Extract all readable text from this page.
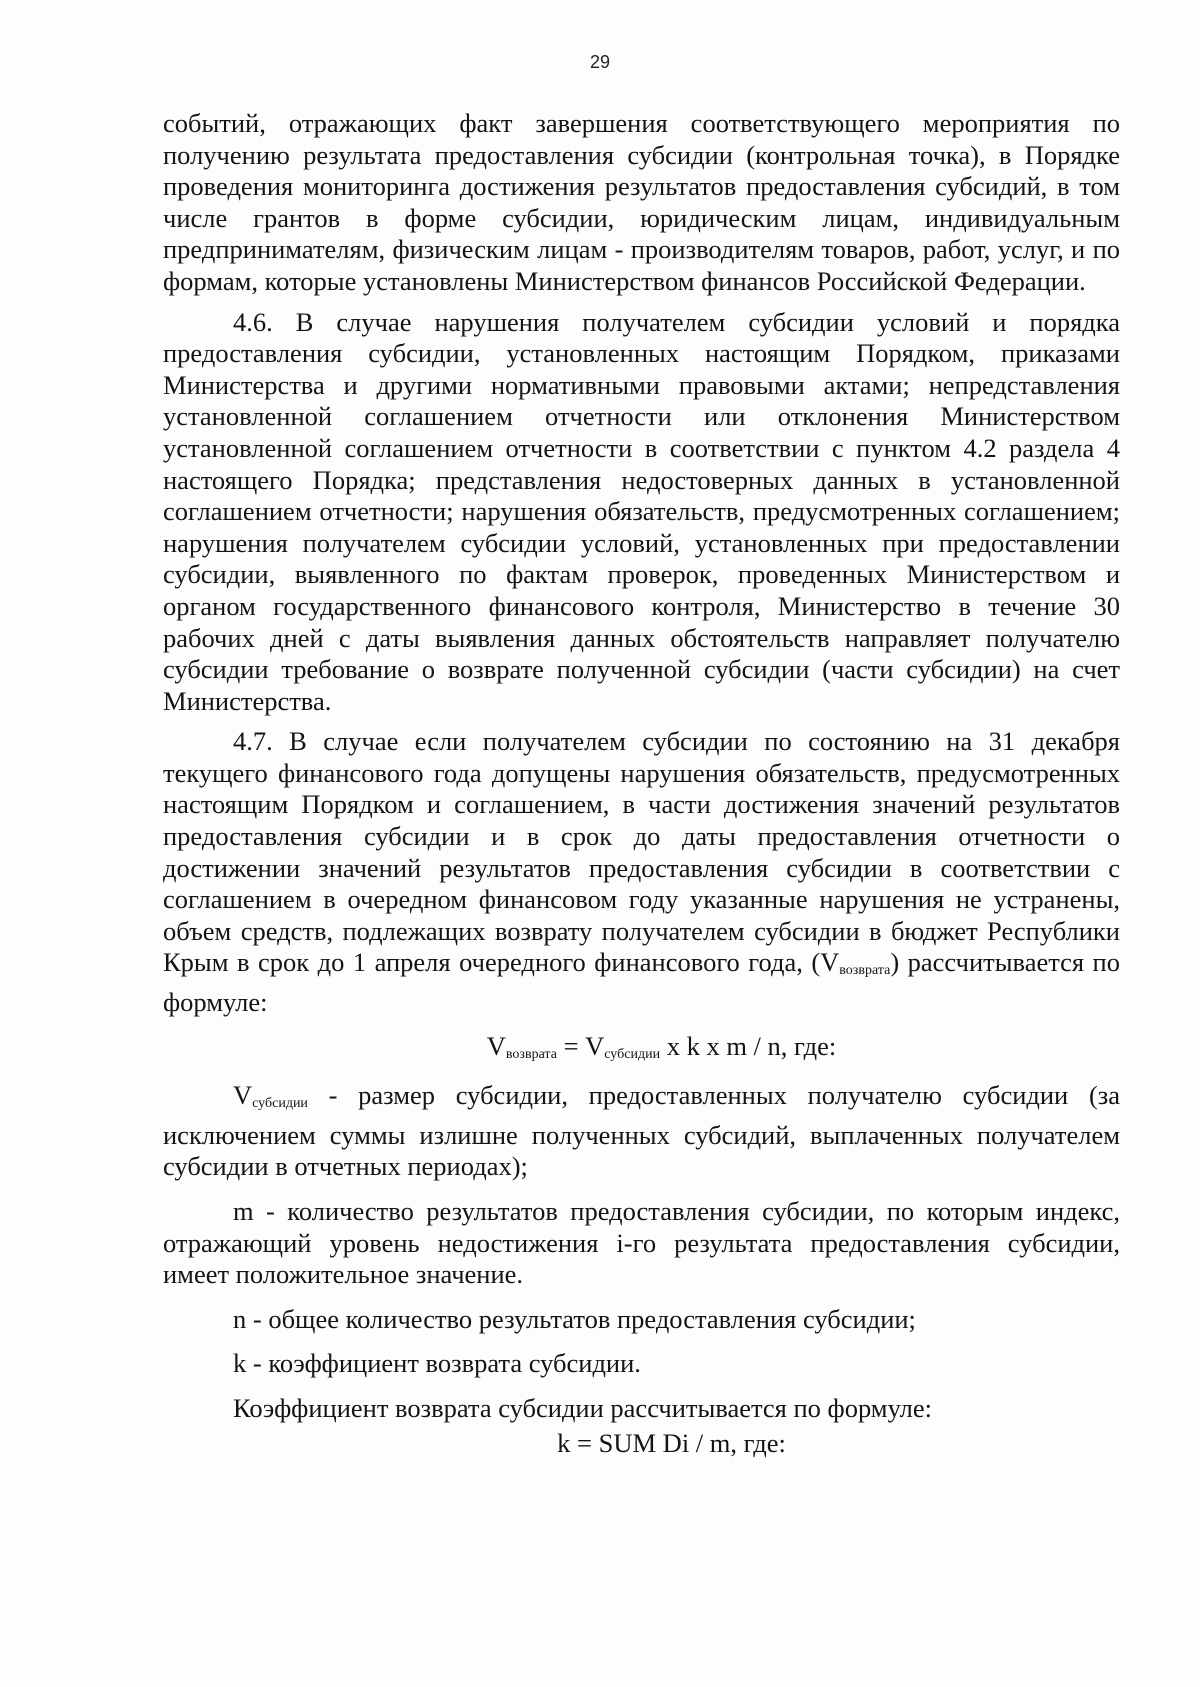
29

событий, отражающих факт завершения соответствующего мероприятия по получению результата предоставления субсидии (контрольная точка), в Порядке проведения мониторинга достижения результатов предоставления субсидий, в том числе грантов в форме субсидии, юридическим лицам, индивидуальным предпринимателям, физическим лицам - производителям товаров, работ, услуг, и по формам, которые установлены Министерством финансов Российской Федерации.

4.6. В случае нарушения получателем субсидии условий и порядка предоставления субсидии, установленных настоящим Порядком, приказами Министерства и другими нормативными правовыми актами; непредставления установленной соглашением отчетности или отклонения Министерством установленной соглашением отчетности в соответствии с пунктом 4.2 раздела 4 настоящего Порядка; представления недостоверных данных в установленной соглашением отчетности; нарушения обязательств, предусмотренных соглашением; нарушения получателем субсидии условий, установленных при предоставлении субсидии, выявленного по фактам проверок, проведенных Министерством и органом государственного финансового контроля, Министерство в течение 30 рабочих дней с даты выявления данных обстоятельств направляет получателю субсидии требование о возврате полученной субсидии (части субсидии) на счет Министерства.

4.7. В случае если получателем субсидии по состоянию на 31 декабря текущего финансового года допущены нарушения обязательств, предусмотренных настоящим Порядком и соглашением, в части достижения значений результатов предоставления субсидии и в срок до даты предоставления отчетности о достижении значений результатов предоставления субсидии в соответствии с соглашением в очередном финансовом году указанные нарушения не устранены, объем средств, подлежащих возврату получателем субсидии в бюджет Республики Крым в срок до 1 апреля очередного финансового года, $(V_{возврата})$ рассчитывается по формуле:

$V_{возврата} = V_{субсидии}$ x k x m / n, где:

$V_{субсидии}$ - размер субсидии, предоставленных получателю субсидии (за исключением суммы излишне полученных субсидий, выплаченных получателем субсидии в отчетных периодах);

m - количество результатов предоставления субсидии, по которым индекс, отражающий уровень недостижения i-го результата предоставления субсидии, имеет положительное значение.

n - общее количество результатов предоставления субсидии;

k - коэффициент возврата субсидии.

Коэффициент возврата субсидии рассчитывается по формуле:

k = SUM Di / m, где:
